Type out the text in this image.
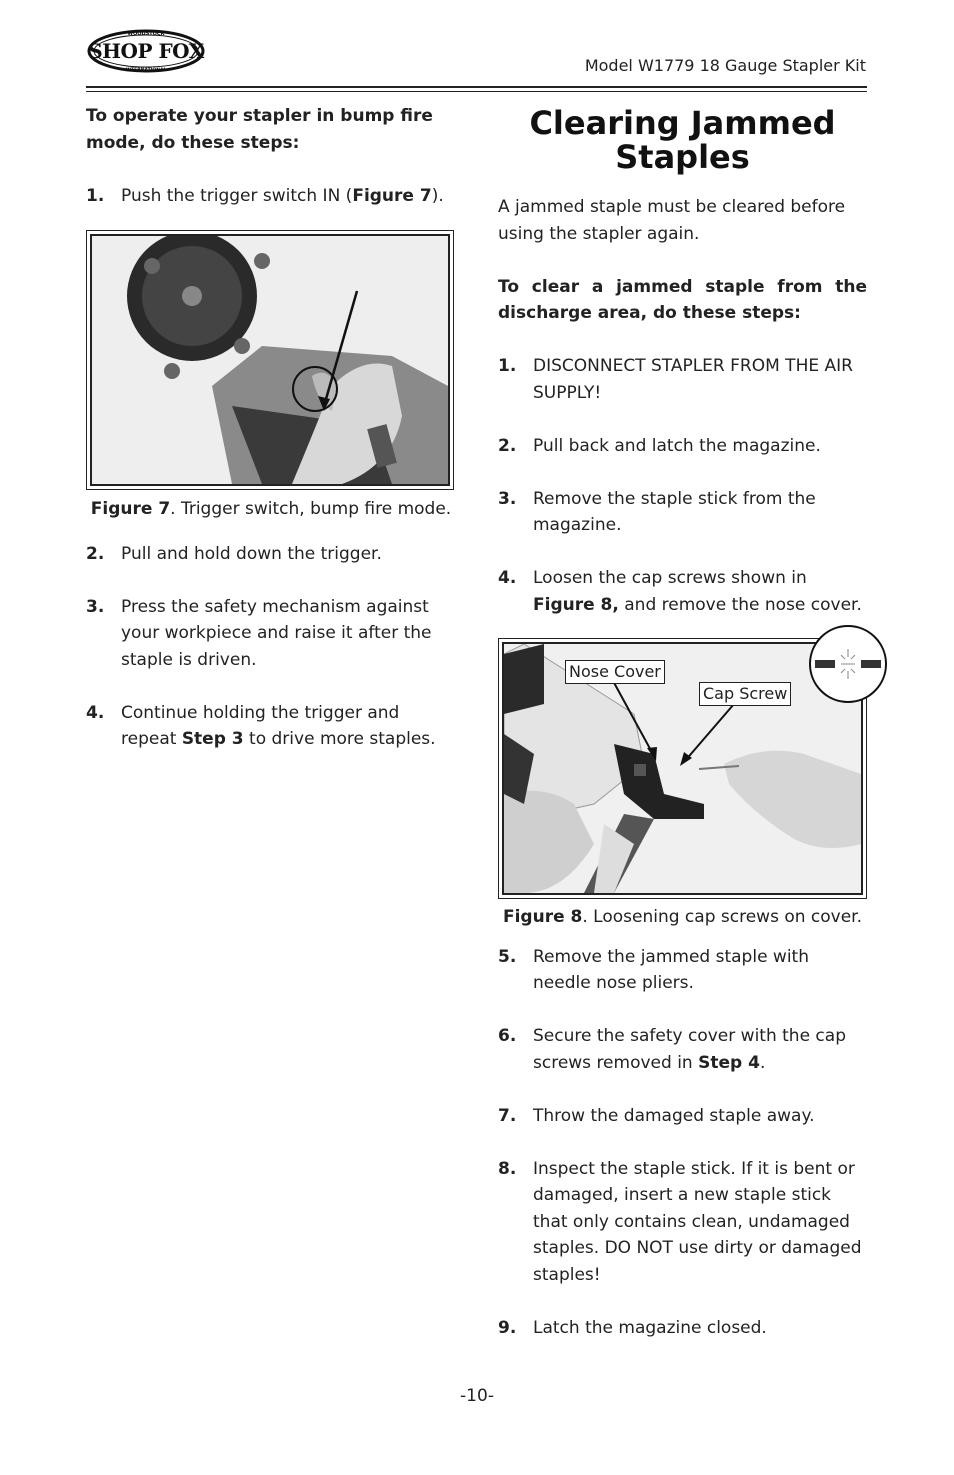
WOODSTOCK
SHOP FOX
INTERNATIONAL	Model W1779 18 Gauge Stapler Kit

To operate your stapler in bump fire mode, do these steps:

1. Push the trigger switch IN (Figure 7).
Figure 7. Trigger switch, bump fire mode.
2. Pull and hold down the trigger.
3. Press the safety mechanism against your workpiece and raise it after the staple is driven.
4. Continue holding the trigger and repeat Step 3 to drive more staples.
Clearing Jammed
Staples

A jammed staple must be cleared before using the stapler again.

To clear a jammed staple from the discharge area, do these steps:

1. DISCONNECT STAPLER FROM THE AIR SUPPLY!
2. Pull back and latch the magazine.
3. Remove the staple stick from the magazine.
4. Loosen the cap screws shown in Figure 8, and remove the nose cover.
Nose Cover
Cap Screw
Figure 8. Loosening cap screws on cover.
5. Remove the jammed staple with needle nose pliers.
6. Secure the safety cover with the cap screws removed in Step 4.
7. Throw the damaged staple away.
8. Inspect the staple stick. If it is bent or damaged, insert a new staple stick that only contains clean, undamaged staples. DO NOT use dirty or damaged staples!
9. Latch the magazine closed.
-10-
